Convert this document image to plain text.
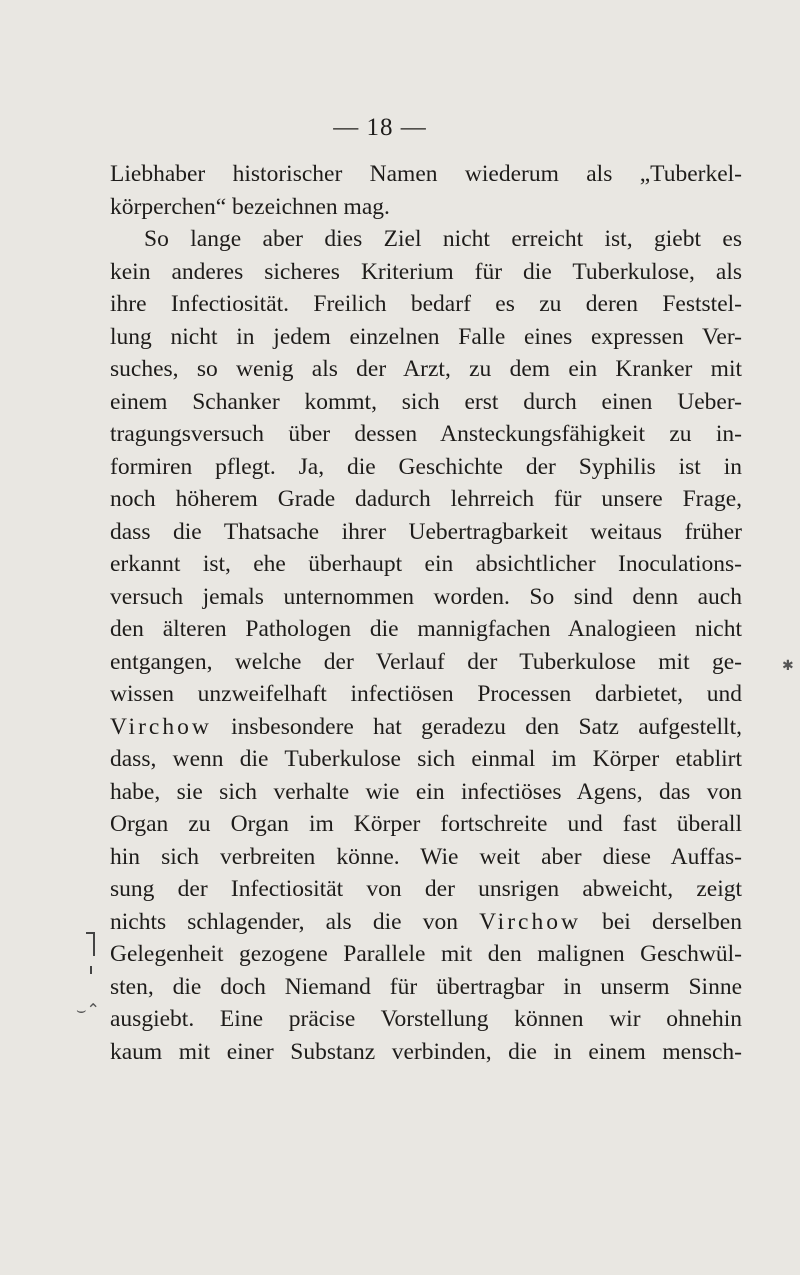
— 18 —
Liebhaber historischer Namen wiederum als „Tuberkel-
körperchen“ bezeichnen mag.
So lange aber dies Ziel nicht erreicht ist, giebt es
kein anderes sicheres Kriterium für die Tuberkulose, als
ihre Infectiosität. Freilich bedarf es zu deren Feststel-
lung nicht in jedem einzelnen Falle eines expressen Ver-
suches, so wenig als der Arzt, zu dem ein Kranker mit
einem Schanker kommt, sich erst durch einen Ueber-
tragungsversuch über dessen Ansteckungsfähigkeit zu in-
formiren pflegt. Ja, die Geschichte der Syphilis ist in
noch höherem Grade dadurch lehrreich für unsere Frage,
dass die Thatsache ihrer Uebertragbarkeit weitaus früher
erkannt ist, ehe überhaupt ein absichtlicher Inoculations-
versuch jemals unternommen worden. So sind denn auch
den älteren Pathologen die mannigfachen Analogieen nicht
entgangen, welche der Verlauf der Tuberkulose mit ge-
wissen unzweifelhaft infectiösen Processen darbietet, und
Virchow insbesondere hat geradezu den Satz aufgestellt,
dass, wenn die Tuberkulose sich einmal im Körper etablirt
habe, sie sich verhalte wie ein infectiöses Agens, das von
Organ zu Organ im Körper fortschreite und fast überall
hin sich verbreiten könne. Wie weit aber diese Auffas-
sung der Infectiosität von der unsrigen abweicht, zeigt
nichts schlagender, als die von Virchow bei derselben
Gelegenheit gezogene Parallele mit den malignen Geschwül-
sten, die doch Niemand für übertragbar in unserm Sinne
ausgiebt. Eine präcise Vorstellung können wir ohnehin
kaum mit einer Substanz verbinden, die in einem mensch-
✱
⌣⌃
